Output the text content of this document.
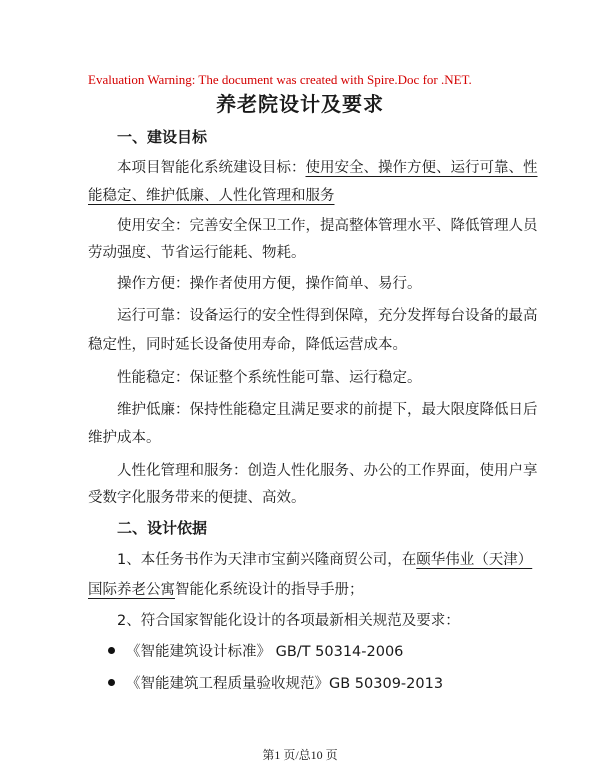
Evaluation Warning: The document was created with Spire.Doc for .NET.
养老院设计及要求
一、建设目标
本项目智能化系统建设目标：使用安全、操作方便、运行可靠、性
能稳定、维护低廉、人性化管理和服务
使用安全：完善安全保卫工作，提高整体管理水平、降低管理人员
劳动强度、节省运行能耗、物耗。
操作方便：操作者使用方便，操作简单、易行。
运行可靠：设备运行的安全性得到保障，充分发挥每台设备的最高
稳定性，同时延长设备使用寿命，降低运营成本。
性能稳定：保证整个系统性能可靠、运行稳定。
维护低廉：保持性能稳定且满足要求的前提下，最大限度降低日后
维护成本。
人性化管理和服务：创造人性化服务、办公的工作界面，使用户享
受数字化服务带来的便捷、高效。
二、设计依据
1、本任务书作为天津市宝蓟兴隆商贸公司，在颐华伟业（天津）
国际养老公寓智能化系统设计的指导手册；
2、符合国家智能化设计的各项最新相关规范及要求：
《智能建筑设计标准》 GB/T 50314-2006
《智能建筑工程质量验收规范》GB 50309-2013
第1 页/总10 页
